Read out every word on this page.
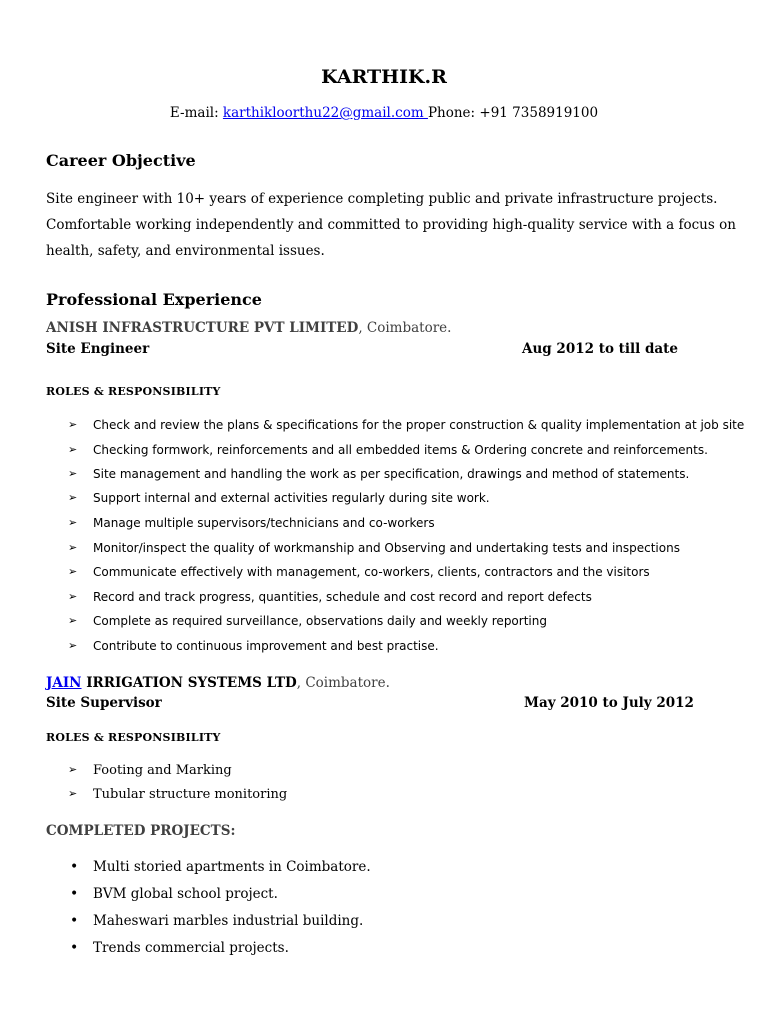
KARTHIK.R
E-mail: karthikloorthu22@gmail.com Phone: +91 7358919100
Career Objective

Site engineer with 10+ years of experience completing public and private infrastructure projects.

Comfortable working independently and committed to providing high-quality service with a focus on

health, safety, and environmental issues.

Professional Experience
ANISH INFRASTRUCTURE PVT LIMITED, Coimbatore.
Site Engineer	Aug 2012 to till date
ROLES & RESPONSIBILITY
➢ Check and review the plans & specifications for the proper construction & quality implementation at job site
➢ Checking formwork, reinforcements and all embedded items & Ordering concrete and reinforcements.
➢ Site management and handling the work as per specification, drawings and method of statements.
➢ Support internal and external activities regularly during site work.
➢ Manage multiple supervisors/technicians and co-workers
➢ Monitor/inspect the quality of workmanship and Observing and undertaking tests and inspections
➢ Communicate effectively with management, co-workers, clients, contractors and the visitors
➢ Record and track progress, quantities, schedule and cost record and report defects
➢ Complete as required surveillance, observations daily and weekly reporting
➢ Contribute to continuous improvement and best practise.
JAIN IRRIGATION SYSTEMS LTD, Coimbatore.
Site Supervisor	May 2010 to July 2012
ROLES & RESPONSIBILITY
➢ Footing and Marking
➢ Tubular structure monitoring
COMPLETED PROJECTS:
• Multi storied apartments in Coimbatore.
• BVM global school project.
• Maheswari marbles industrial building.
• Trends commercial projects.
